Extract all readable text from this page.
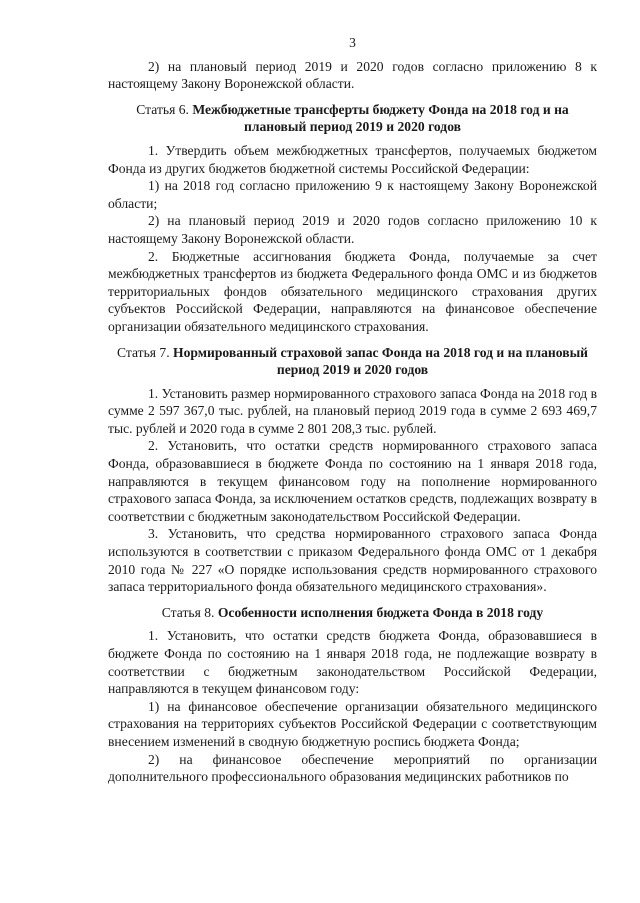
3

2) на плановый период 2019 и 2020 годов согласно приложению 8 к настоящему Закону Воронежской области.

Статья 6. Межбюджетные трансферты бюджету Фонда на 2018 год и на плановый период 2019 и 2020 годов

1. Утвердить объем межбюджетных трансфертов, получаемых бюджетом Фонда из других бюджетов бюджетной системы Российской Федерации:

1) на 2018 год согласно приложению 9 к настоящему Закону Воронежской области;

2) на плановый период 2019 и 2020 годов согласно приложению 10 к настоящему Закону Воронежской области.

2. Бюджетные ассигнования бюджета Фонда, получаемые за счет межбюджетных трансфертов из бюджета Федерального фонда ОМС и из бюджетов территориальных фондов обязательного медицинского страхования других субъектов Российской Федерации, направляются на финансовое обеспечение организации обязательного медицинского страхования.

Статья 7. Нормированный страховой запас Фонда на 2018 год и на плановый период 2019 и 2020 годов

1. Установить размер нормированного страхового запаса Фонда на 2018 год в сумме 2 597 367,0 тыс. рублей, на плановый период 2019 года в сумме 2 693 469,7 тыс. рублей и 2020 года в сумме 2 801 208,3 тыс. рублей.

2. Установить, что остатки средств нормированного страхового запаса Фонда, образовавшиеся в бюджете Фонда по состоянию на 1 января 2018 года, направляются в текущем финансовом году на пополнение нормированного страхового запаса Фонда, за исключением остатков средств, подлежащих возврату в соответствии с бюджетным законодательством Российской Федерации.

3. Установить, что средства нормированного страхового запаса Фонда используются в соответствии с приказом Федерального фонда ОМС от 1 декабря 2010 года № 227 «О порядке использования средств нормированного страхового запаса территориального фонда обязательного медицинского страхования».

Статья 8. Особенности исполнения бюджета Фонда в 2018 году

1. Установить, что остатки средств бюджета Фонда, образовавшиеся в бюджете Фонда по состоянию на 1 января 2018 года, не подлежащие возврату в соответствии с бюджетным законодательством Российской Федерации, направляются в текущем финансовом году:

1) на финансовое обеспечение организации обязательного медицинского страхования на территориях субъектов Российской Федерации с соответствующим внесением изменений в сводную бюджетную роспись бюджета Фонда;

2) на финансовое обеспечение мероприятий по организации дополнительного профессионального образования медицинских работников по
